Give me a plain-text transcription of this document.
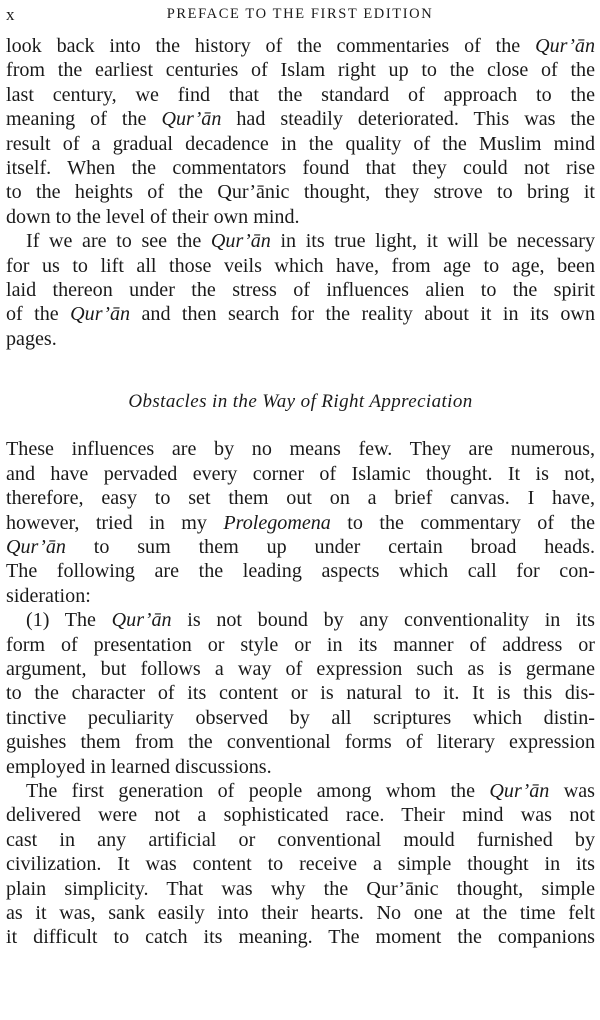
x	PREFACE TO THE FIRST EDITION
look back into the history of the commentaries of the Qur’ān
from the earliest centuries of Islam right up to the close of the
last century, we find that the standard of approach to the
meaning of the Qur’ān had steadily deteriorated. This was the
result of a gradual decadence in the quality of the Muslim mind
itself. When the commentators found that they could not rise
to the heights of the Qur’ānic thought, they strove to bring it
down to the level of their own mind.
If we are to see the Qur’ān in its true light, it will be necessary
for us to lift all those veils which have, from age to age, been
laid thereon under the stress of influences alien to the spirit
of the Qur’ān and then search for the reality about it in its own
pages.
Obstacles in the Way of Right Appreciation
These influences are by no means few. They are numerous,
and have pervaded every corner of Islamic thought. It is not,
therefore, easy to set them out on a brief canvas. I have,
however, tried in my Prolegomena to the commentary of the
Qur’ān to sum them up under certain broad heads.
The following are the leading aspects which call for con-
sideration:
(1) The Qur’ān is not bound by any conventionality in its
form of presentation or style or in its manner of address or
argument, but follows a way of expression such as is germane
to the character of its content or is natural to it. It is this dis-
tinctive peculiarity observed by all scriptures which distin-
guishes them from the conventional forms of literary expression
employed in learned discussions.
The first generation of people among whom the Qur’ān was
delivered were not a sophisticated race. Their mind was not
cast in any artificial or conventional mould furnished by
civilization. It was content to receive a simple thought in its
plain simplicity. That was why the Qur’ānic thought, simple
as it was, sank easily into their hearts. No one at the time felt
it difficult to catch its meaning. The moment the companions
